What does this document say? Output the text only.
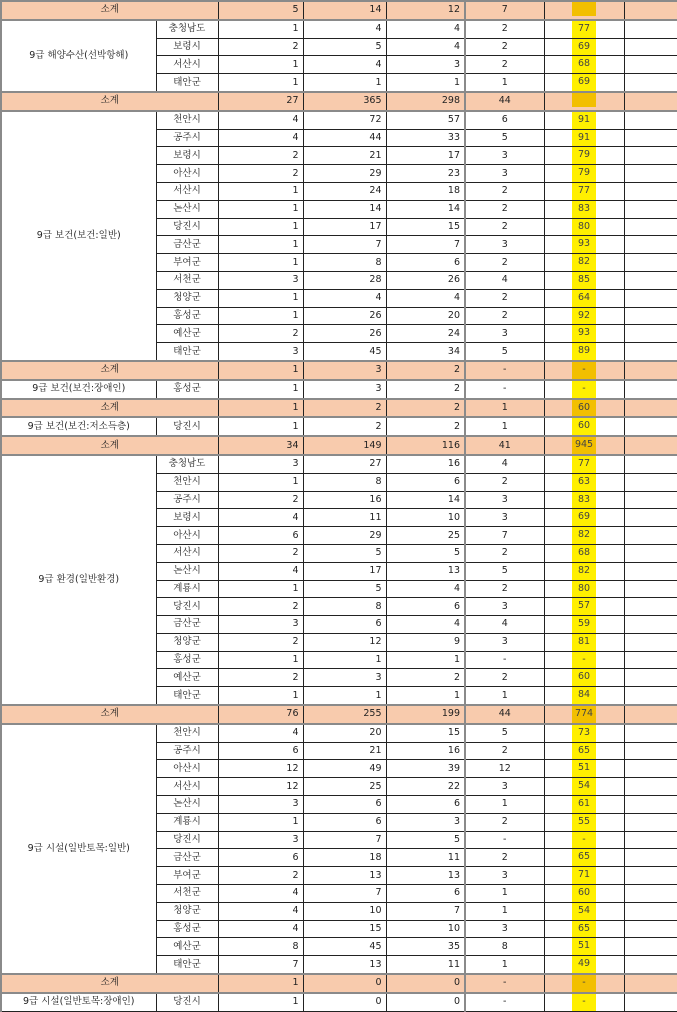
소계		5	14	12	7		
9급 해양수산(선박항해)	충청남도	1	4	4	2	77	
	보령시	2	5	4	2	69	
	서산시	1	4	3	2	68	
	태안군	1	1	1	1	69	
소계		27	365	298	44		
9급 보건(보건:일반)	천안시	4	72	57	6	91	
	공주시	4	44	33	5	91	
	보령시	2	21	17	3	79	
	아산시	2	29	23	3	79	
	서산시	1	24	18	2	77	
	논산시	1	14	14	2	83	
	당진시	1	17	15	2	80	
	금산군	1	7	7	3	93	
	부여군	1	8	6	2	82	
	서천군	3	28	26	4	85	
	청양군	1	4	4	2	64	
	홍성군	1	26	20	2	92	
	예산군	2	26	24	3	93	
	태안군	3	45	34	5	89	
소계		1	3	2	-	-	
9급 보건(보건:장애인)	홍성군	1	3	2	-	-	
소계		1	2	2	1	60	
9급 보건(보건:저소득층)	당진시	1	2	2	1	60	
소계		34	149	116	41	945	
9급 환경(일반환경)	충청남도	3	27	16	4	77	
	천안시	1	8	6	2	63	
	공주시	2	16	14	3	83	
	보령시	4	11	10	3	69	
	아산시	6	29	25	7	82	
	서산시	2	5	5	2	68	
	논산시	4	17	13	5	82	
	계룡시	1	5	4	2	80	
	당진시	2	8	6	3	57	
	금산군	3	6	4	4	59	
	청양군	2	12	9	3	81	
	홍성군	1	1	1	-	-	
	예산군	2	3	2	2	60	
	태안군	1	1	1	1	84	
소계		76	255	199	44	774	
9급 시설(일반토목:일반)	천안시	4	20	15	5	73	
	공주시	6	21	16	2	65	
	아산시	12	49	39	12	51	
	서산시	12	25	22	3	54	
	논산시	3	6	6	1	61	
	계룡시	1	6	3	2	55	
	당진시	3	7	5	-	-	
	금산군	6	18	11	2	65	
	부여군	2	13	13	3	71	
	서천군	4	7	6	1	60	
	청양군	4	10	7	1	54	
	홍성군	4	15	10	3	65	
	예산군	8	45	35	8	51	
	태안군	7	13	11	1	49	
소계		1	0	0	-	-	
9급 시설(일반토목:장애인)	당진시	1	0	0	-	-	
